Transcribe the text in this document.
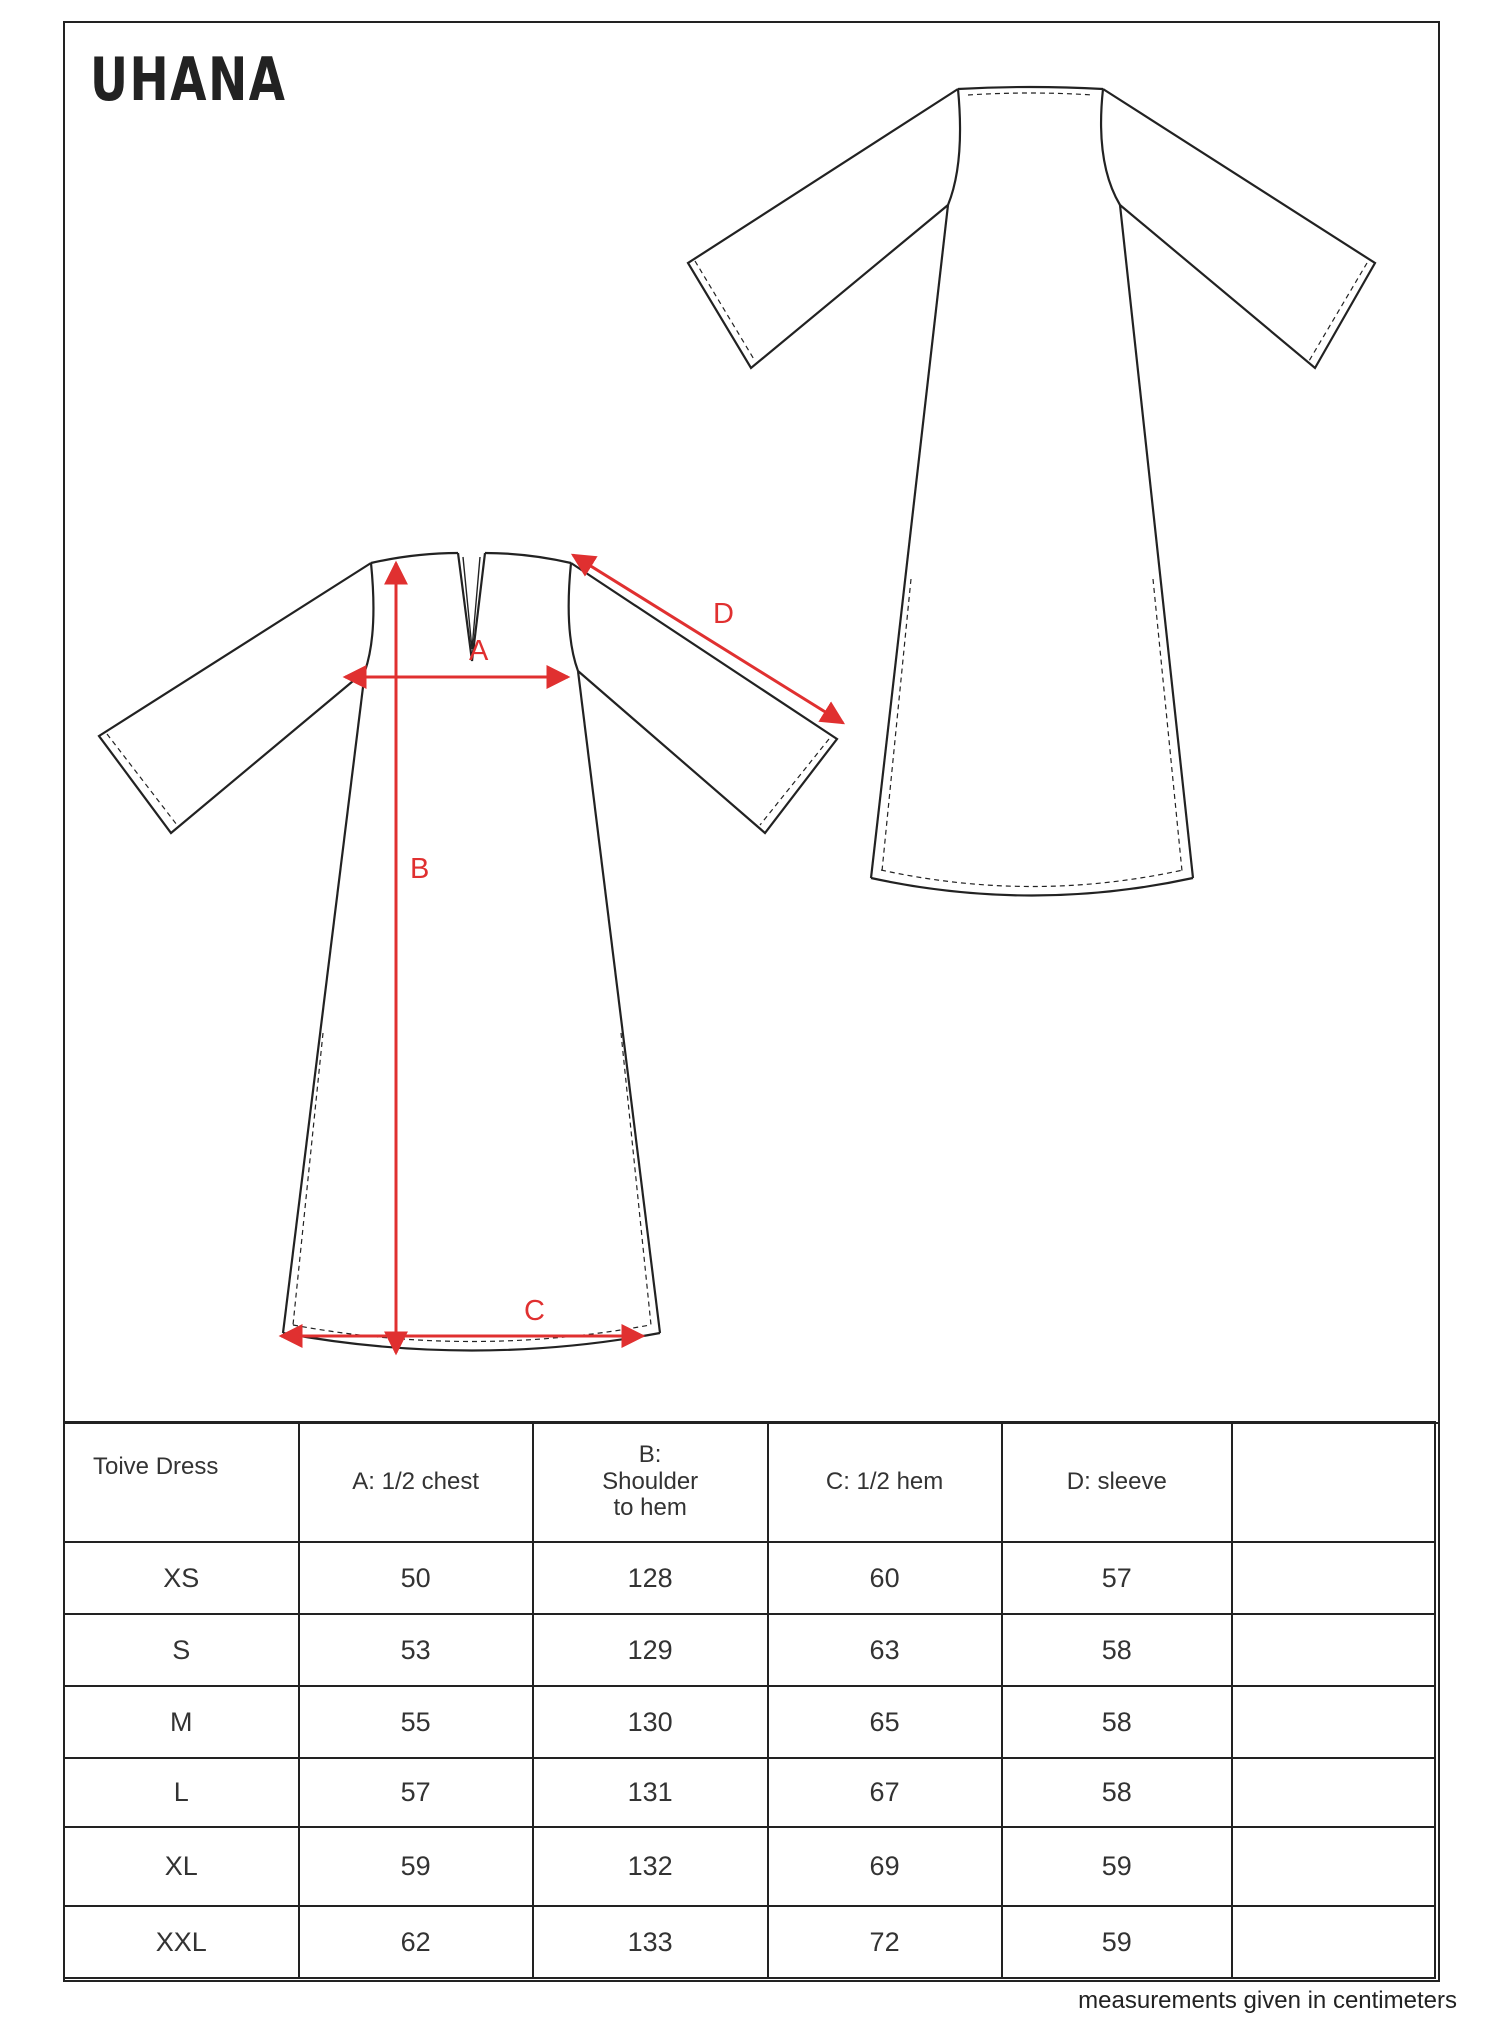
UHANA
A
B
C
D
Toive Dress	A: 1/2 chest	B: Shoulder to hem	C: 1/2 hem	D: sleeve	
XS	50	128	60	57	
S	53	129	63	58	
M	55	130	65	58	
L	57	131	67	58	
XL	59	132	69	59	
XXL	62	133	72	59	
measurements given in centimeters
